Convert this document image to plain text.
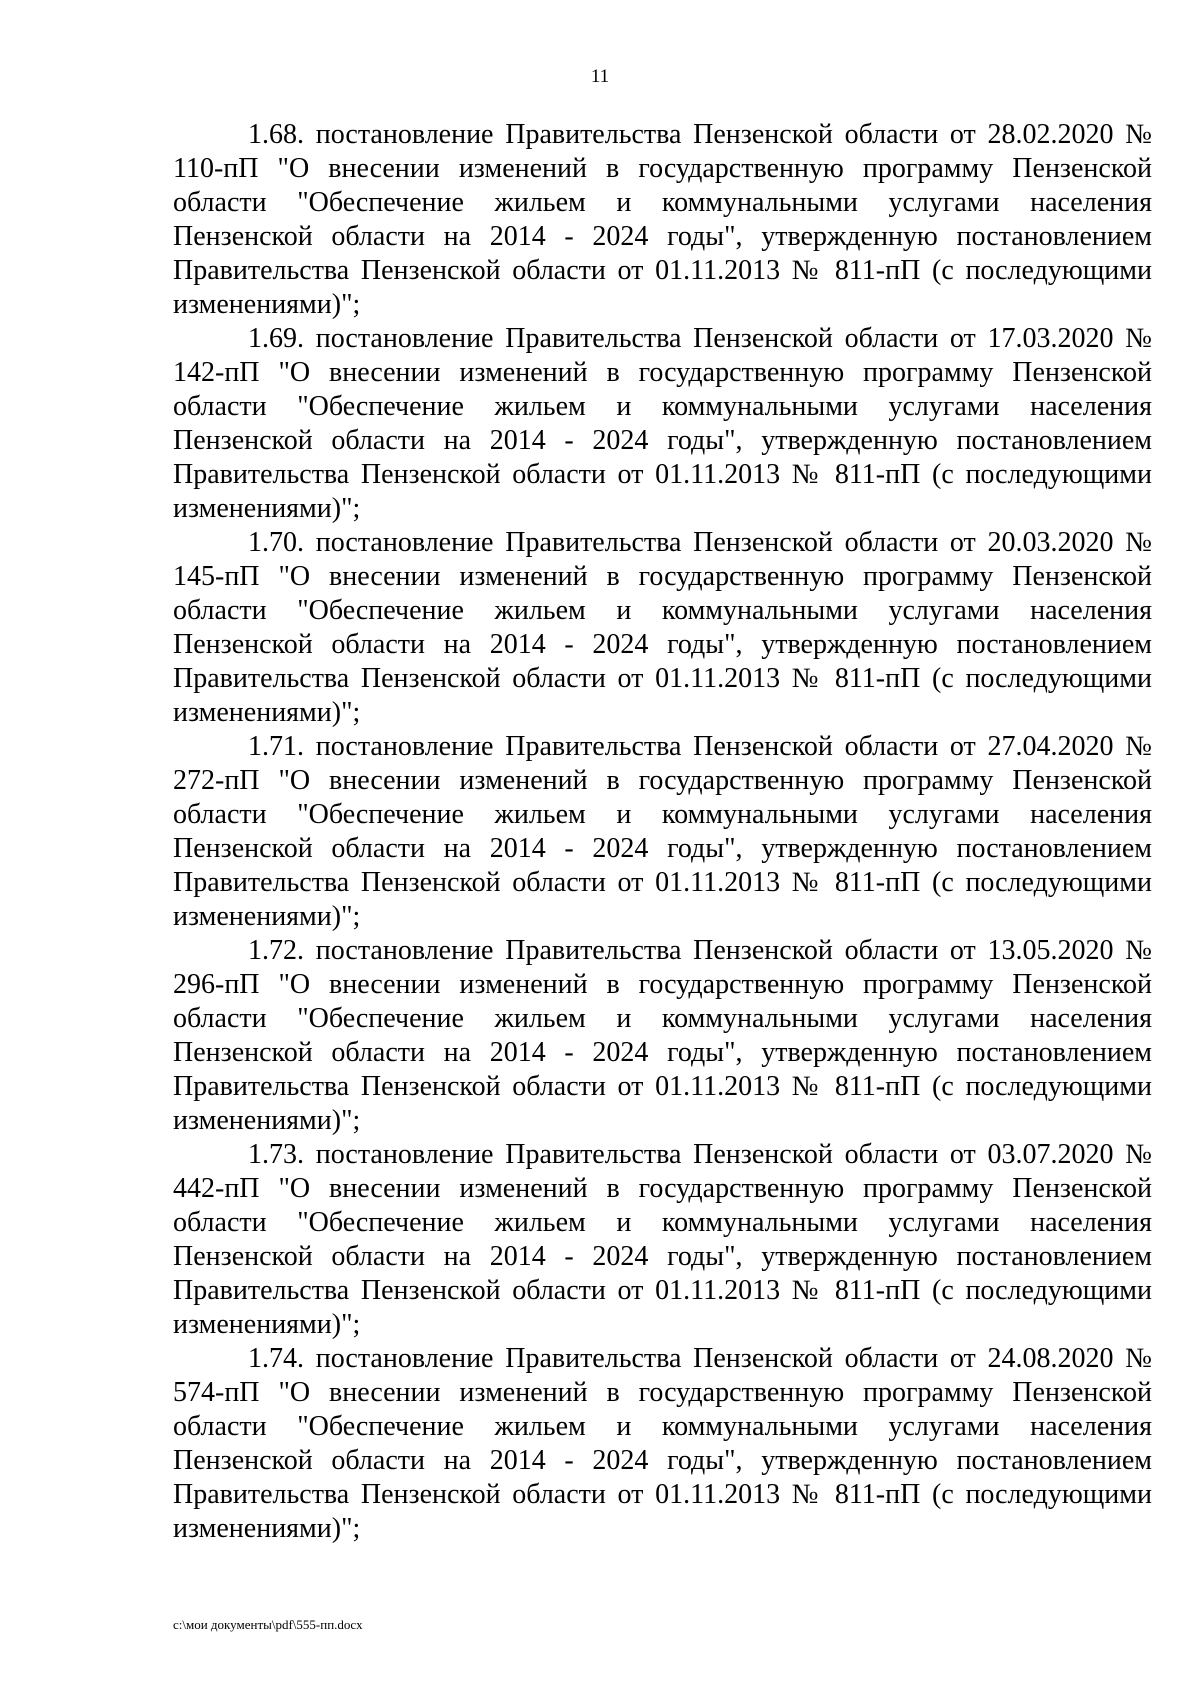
11

1.68. постановление Правительства Пензенской области от 28.02.2020 № 110-пП "О внесении изменений в государственную программу Пензенской области "Обеспечение жильем и коммунальными услугами населения Пензенской области на 2014 - 2024 годы", утвержденную постановлением Правительства Пензенской области от 01.11.2013 № 811-пП (с последующими изменениями)";

1.69. постановление Правительства Пензенской области от 17.03.2020 № 142-пП "О внесении изменений в государственную программу Пензенской области "Обеспечение жильем и коммунальными услугами населения Пензенской области на 2014 - 2024 годы", утвержденную постановлением Правительства Пензенской области от 01.11.2013 № 811-пП (с последующими изменениями)";

1.70. постановление Правительства Пензенской области от 20.03.2020 № 145-пП "О внесении изменений в государственную программу Пензенской области "Обеспечение жильем и коммунальными услугами населения Пензенской области на 2014 - 2024 годы", утвержденную постановлением Правительства Пензенской области от 01.11.2013 № 811-пП (с последующими изменениями)";

1.71. постановление Правительства Пензенской области от 27.04.2020 № 272-пП "О внесении изменений в государственную программу Пензенской области "Обеспечение жильем и коммунальными услугами населения Пензенской области на 2014 - 2024 годы", утвержденную постановлением Правительства Пензенской области от 01.11.2013 № 811-пП (с последующими изменениями)";

1.72. постановление Правительства Пензенской области от 13.05.2020 № 296-пП "О внесении изменений в государственную программу Пензенской области "Обеспечение жильем и коммунальными услугами населения Пензенской области на 2014 - 2024 годы", утвержденную постановлением Правительства Пензенской области от 01.11.2013 № 811-пП (с последующими изменениями)";

1.73. постановление Правительства Пензенской области от 03.07.2020 № 442-пП "О внесении изменений в государственную программу Пензенской области "Обеспечение жильем и коммунальными услугами населения Пензенской области на 2014 - 2024 годы", утвержденную постановлением Правительства Пензенской области от 01.11.2013 № 811-пП (с последующими изменениями)";

1.74. постановление Правительства Пензенской области от 24.08.2020 № 574-пП "О внесении изменений в государственную программу Пензенской области "Обеспечение жильем и коммунальными услугами населения Пензенской области на 2014 - 2024 годы", утвержденную постановлением Правительства Пензенской области от 01.11.2013 № 811-пП (с последующими изменениями)";

c:\мои документы\pdf\555-пп.docx
